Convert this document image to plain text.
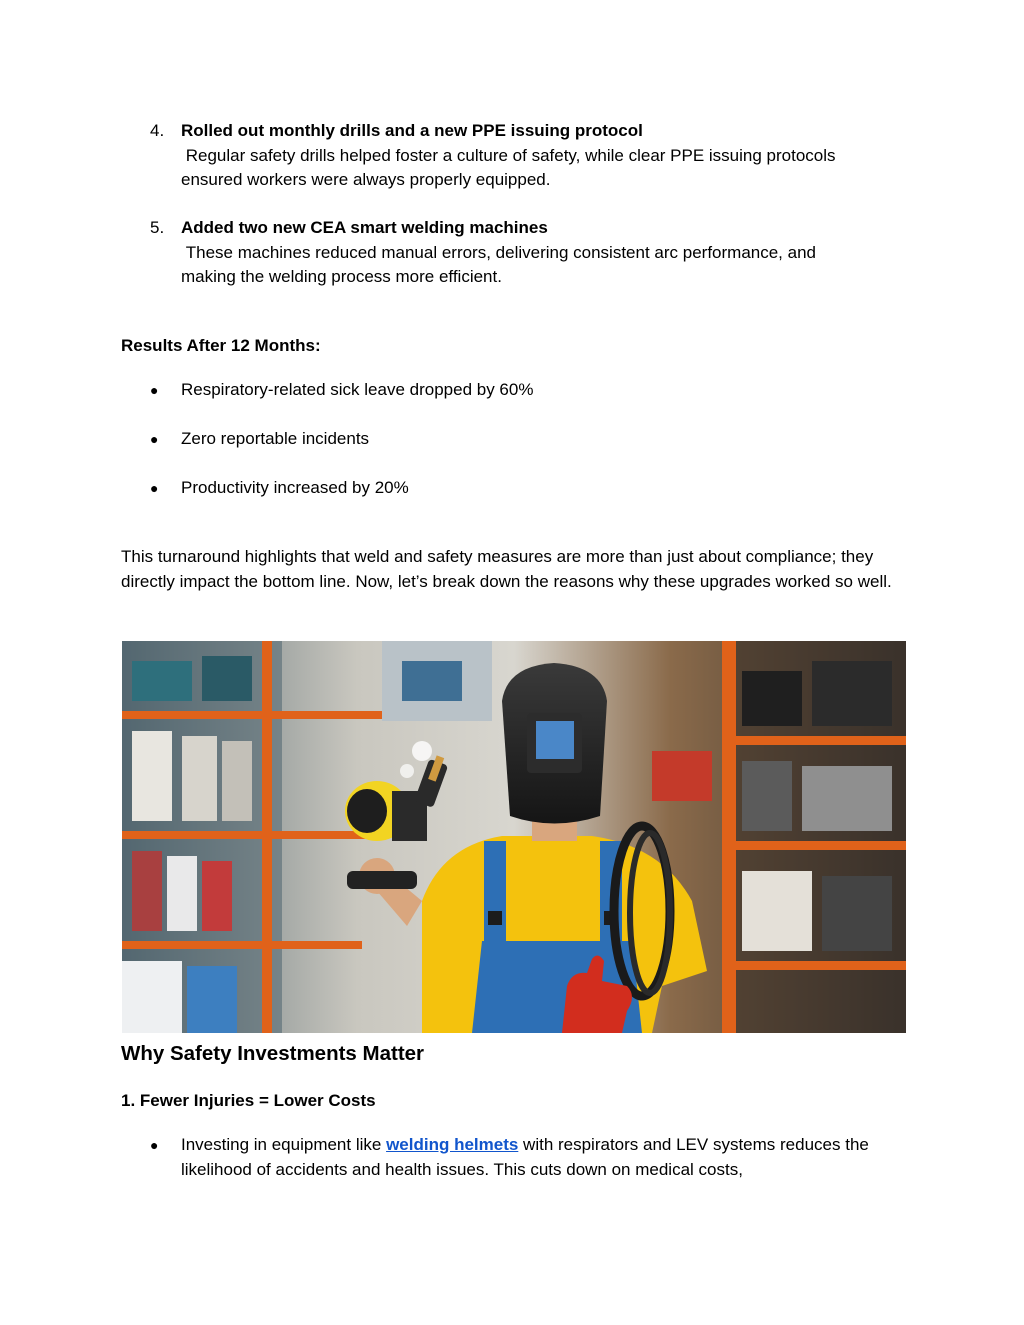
4. Rolled out monthly drills and a new PPE issuing protocol
Regular safety drills helped foster a culture of safety, while clear PPE issuing protocols
ensured workers were always properly equipped.
5. Added two new CEA smart welding machines
These machines reduced manual errors, delivering consistent arc performance, and
making the welding process more efficient.
Results After 12 Months:
● Respiratory-related sick leave dropped by 60%
● Zero reportable incidents
● Productivity increased by 20%
This turnaround highlights that weld and safety measures are more than just about compliance; they directly impact the bottom line. Now, let’s break down the reasons why these upgrades worked so well.
Why Safety Investments Matter
1. Fewer Injuries = Lower Costs
● Investing in equipment like welding helmets with respirators and LEV systems reduces the likelihood of accidents and health issues. This cuts down on medical costs,
